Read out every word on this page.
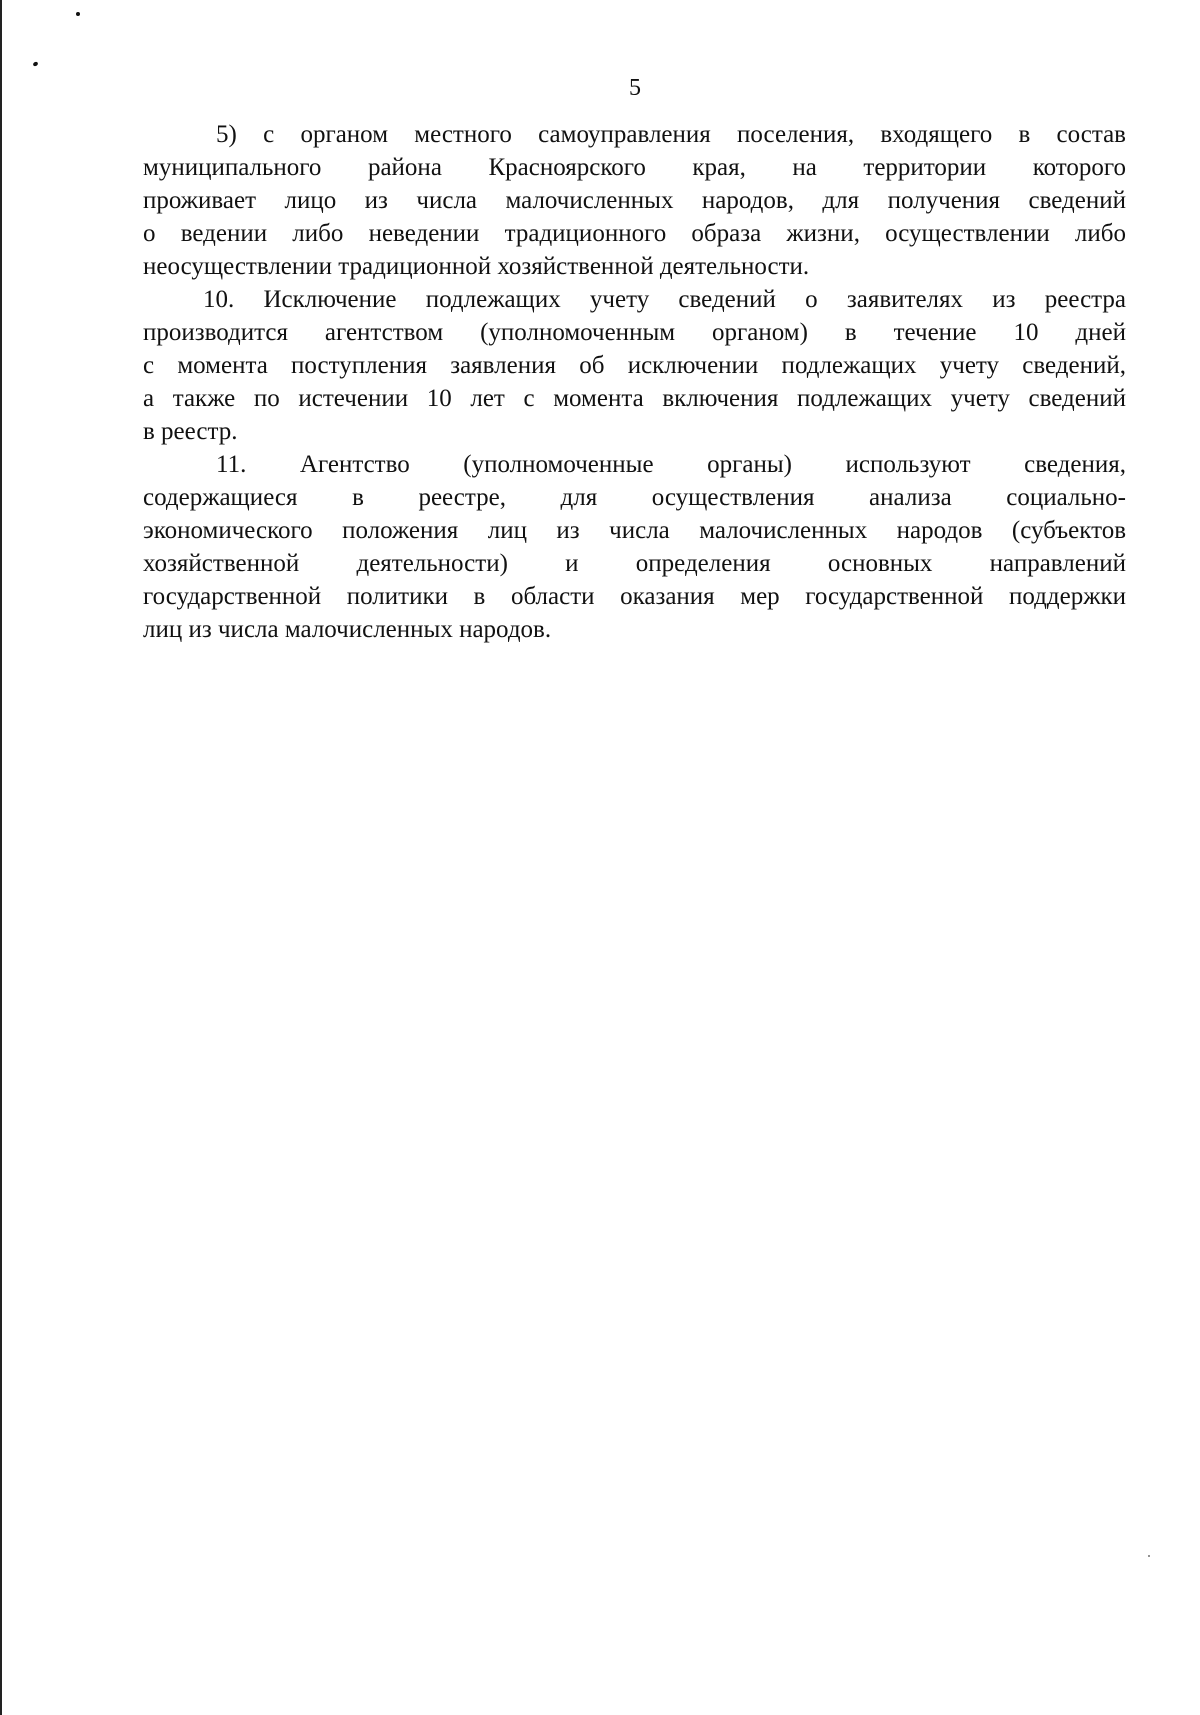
5
5) с органом местного самоуправления поселения, входящего в состав
муниципального района Красноярского края, на территории которого
проживает лицо из числа малочисленных народов, для получения сведений
о ведении либо неведении традиционного образа жизни, осуществлении либо
неосуществлении традиционной хозяйственной деятельности.
10. Исключение подлежащих учету сведений о заявителях из реестра
производится агентством (уполномоченным органом) в течение 10 дней
с момента поступления заявления об исключении подлежащих учету сведений,
а также по истечении 10 лет с момента включения подлежащих учету сведений
в реестр.
11. Агентство (уполномоченные органы) используют сведения,
содержащиеся в реестре, для осуществления анализа социально-
экономического положения лиц из числа малочисленных народов (субъектов
хозяйственной деятельности) и определения основных направлений
государственной политики в области оказания мер государственной поддержки
лиц из числа малочисленных народов.
